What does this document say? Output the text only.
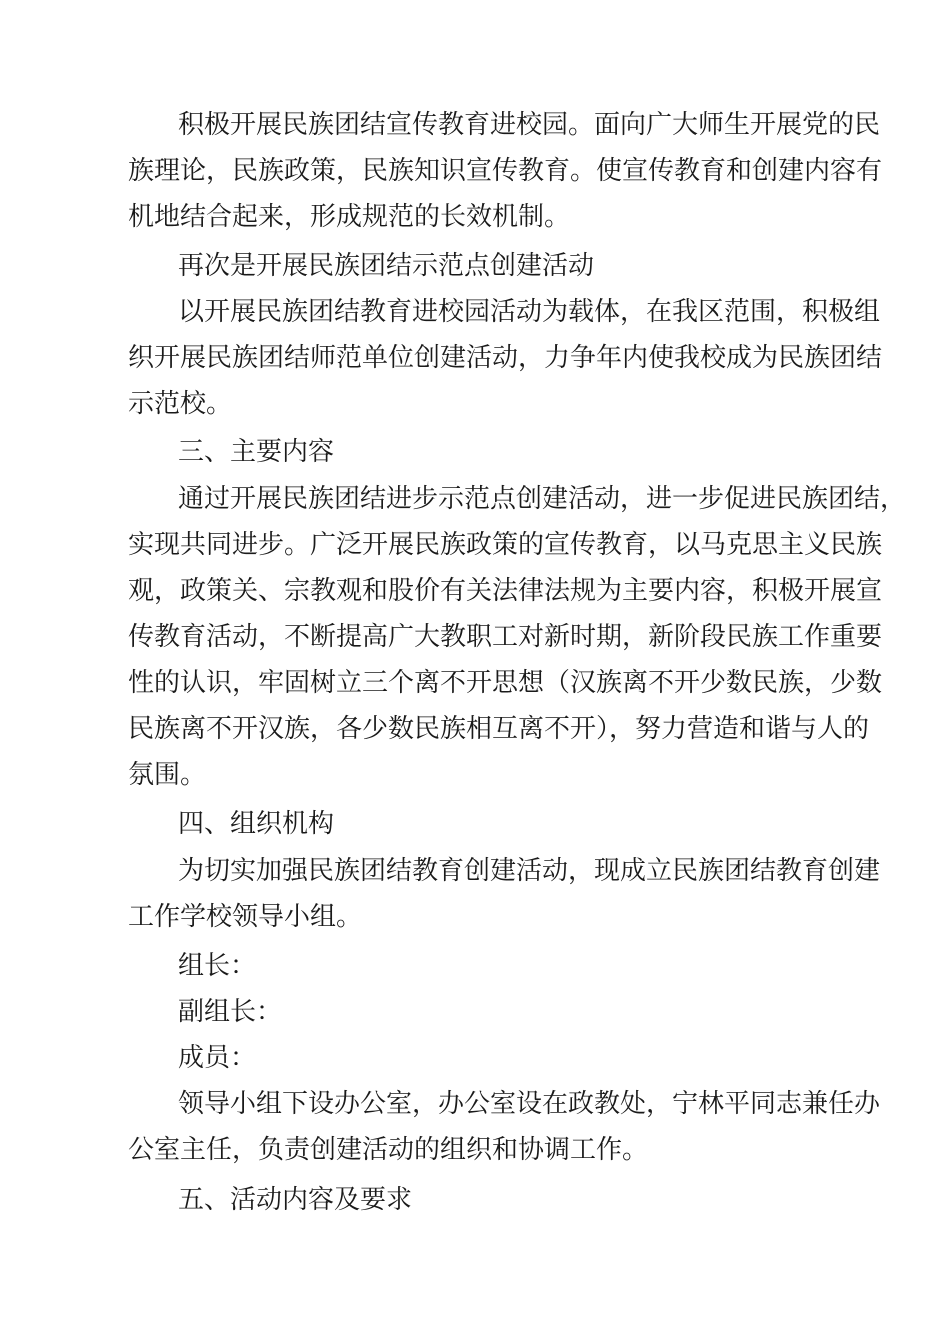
积极开展民族团结宣传教育进校园。面向广大师生开展党的民
族理论，民族政策，民族知识宣传教育。使宣传教育和创建内容有
机地结合起来，形成规范的长效机制。
再次是开展民族团结示范点创建活动
以开展民族团结教育进校园活动为载体，在我区范围，积极组
织开展民族团结师范单位创建活动，力争年内使我校成为民族团结
示范校。
三、主要内容
通过开展民族团结进步示范点创建活动，进一步促进民族团结，
实现共同进步。广泛开展民族政策的宣传教育，以马克思主义民族
观，政策关、宗教观和股价有关法律法规为主要内容，积极开展宣
传教育活动，不断提高广大教职工对新时期，新阶段民族工作重要
性的认识，牢固树立三个离不开思想（汉族离不开少数民族，少数
民族离不开汉族，各少数民族相互离不开），努力营造和谐与人的
氛围。
四、组织机构
为切实加强民族团结教育创建活动，现成立民族团结教育创建
工作学校领导小组。
组长：
副组长：
成员：
领导小组下设办公室，办公室设在政教处，宁林平同志兼任办
公室主任，负责创建活动的组织和协调工作。
五、活动内容及要求
